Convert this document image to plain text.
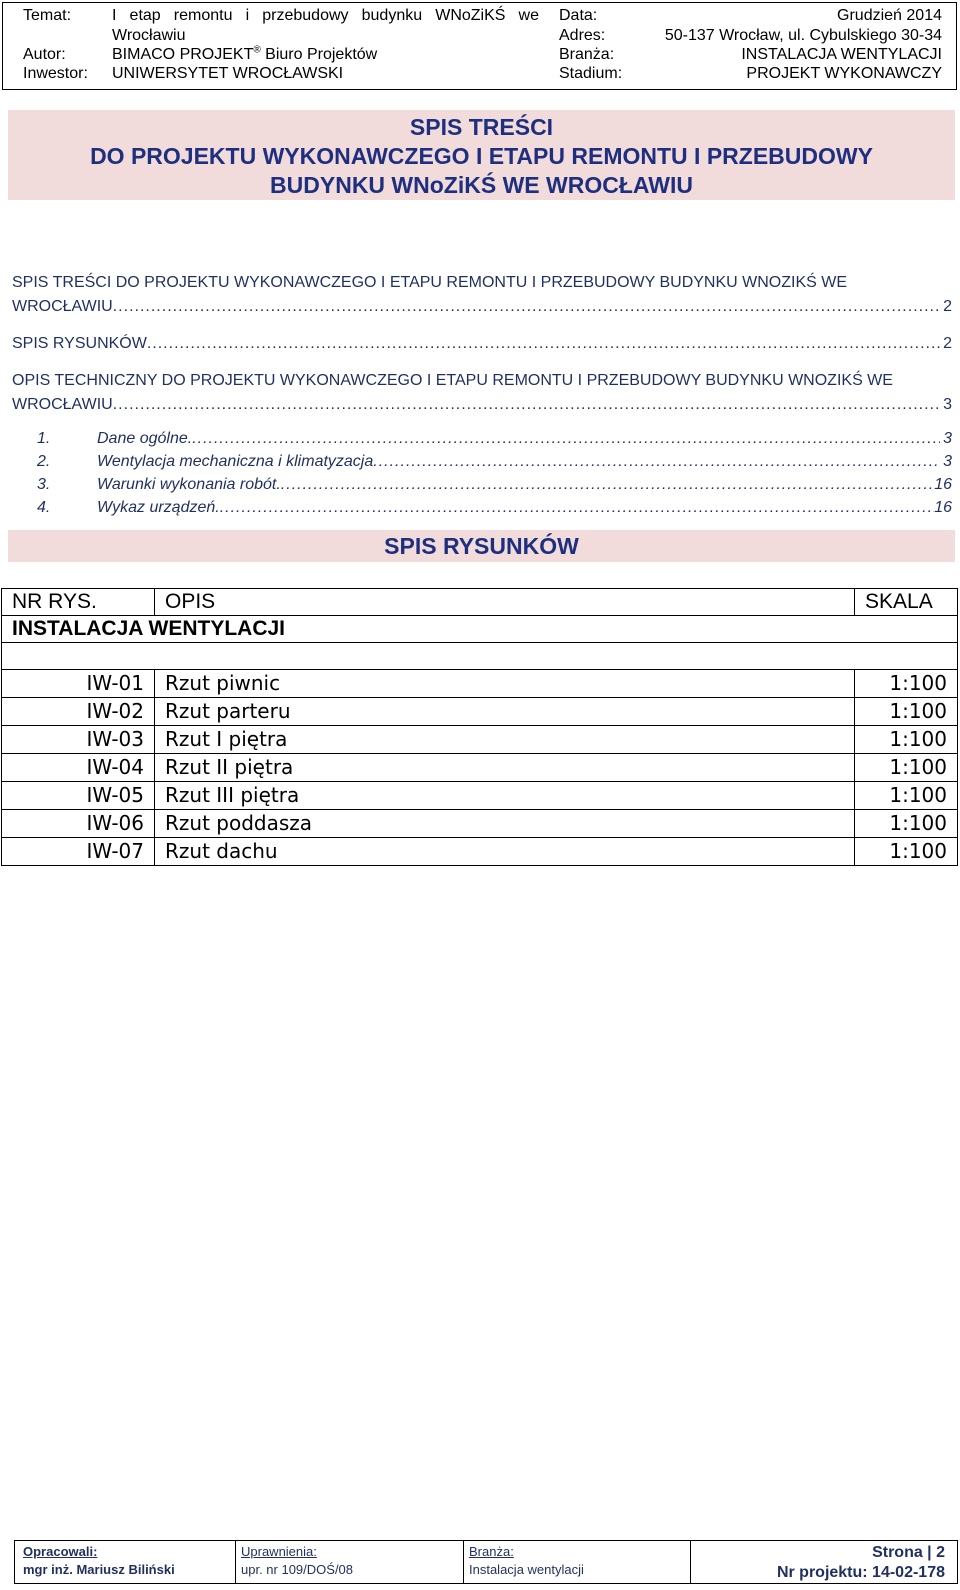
Temat:	I etap remontu i przebudowy budynku WNoZiKŚ we Data:	Grudzień 2014
Wrocławiu	Adres:	50-137 Wrocław, ul. Cybulskiego 30-34
Autor:	BIMACO PROJEKT® Biuro Projektów	Branża:	INSTALACJA WENTYLACJI
Inwestor: UNIWERSYTET WROCŁAWSKI	Stadium:	PROJEKT WYKONAWCZY
SPIS TREŚCI
DO PROJEKTU WYKONAWCZEGO I ETAPU REMONTU I PRZEBUDOWY
BUDYNKU WNoZiKŚ WE WROCŁAWIU
SPIS TREŚCI DO PROJEKTU WYKONAWCZEGO I ETAPU REMONTU I PRZEBUDOWY BUDYNKU WNOZIKŚ WE
WROCŁAWIU .....	2
SPIS RYSUNKÓW .....	2
OPIS TECHNICZNY DO PROJEKTU WYKONAWCZEGO I ETAPU REMONTU I PRZEBUDOWY BUDYNKU WNOZIKŚ WE
WROCŁAWIU .....	3
1.	Dane ogólne. .....	3
2.	Wentylacja mechaniczna i klimatyzacja .....	3
3.	Warunki wykonania robót. .....	16
4.	Wykaz urządzeń. .....	16
SPIS RYSUNKÓW
NR RYS.	OPIS	SKALA
INSTALACJA WENTYLACJI		

IW-01	Rzut piwnic	1:100
IW-02	Rzut parteru	1:100
IW-03	Rzut I piętra	1:100
IW-04	Rzut II piętra	1:100
IW-05	Rzut III piętra	1:100
IW-06	Rzut poddasza	1:100
IW-07	Rzut dachu	1:100
Opracowali:
mgr inż. Mariusz Biliński
Uprawnienia:
upr. nr 109/DOŚ/08
Branża:
Instalacja wentylacji
Strona | 2
Nr projektu: 14-02-178
